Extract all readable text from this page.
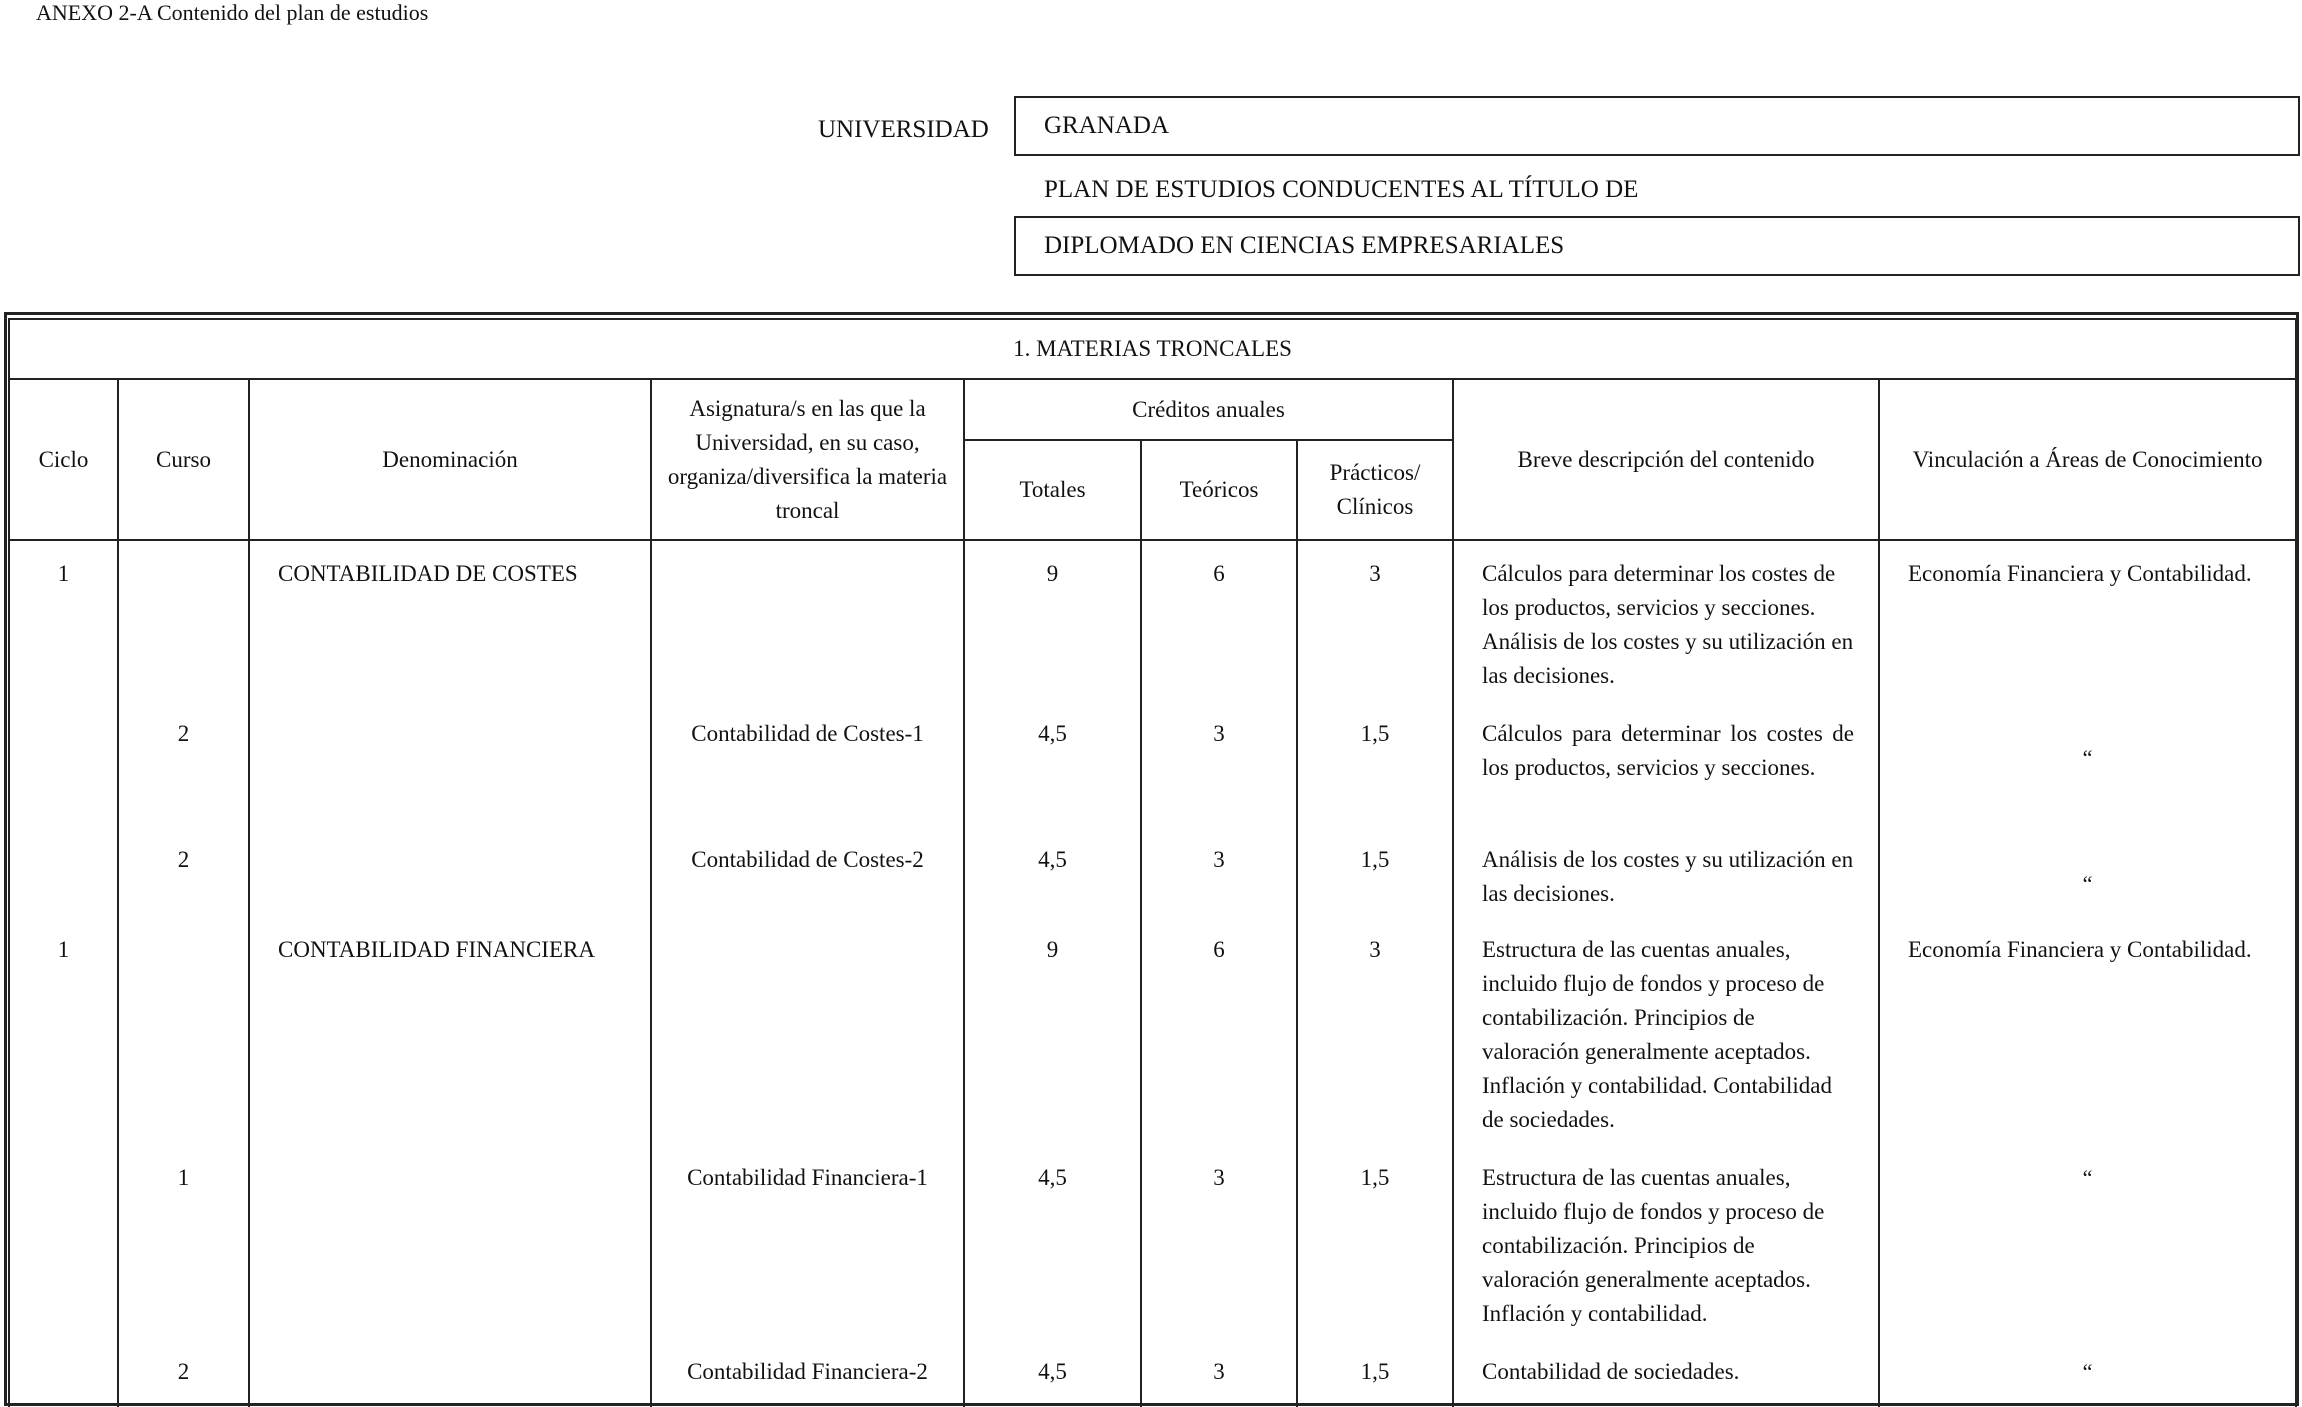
ANEXO 2-A Contenido del plan de estudios
UNIVERSIDAD GRANADA
PLAN DE ESTUDIOS CONDUCENTES AL TÍTULO DE
DIPLOMADO EN CIENCIAS EMPRESARIALES
1. MATERIAS TRONCALES								
Ciclo	Curso	Denominación	Asignatura/s en las que la Universidad, en su caso, organiza/diversifica la materia troncal	Créditos anuales			Breve descripción del contenido	Vinculación a Áreas de Conocimiento
				Totales	Teóricos	Prácticos/ Clínicos		
1		CONTABILIDAD DE COSTES		9	6	3	Cálculos para determinar los costes de los productos, servicios y secciones. Análisis de los costes y su utilización en las decisiones.	Economía Financiera y Contabilidad.
	2		Contabilidad de Costes-1	4,5	3	1,5	Cálculos para determinar los costes de los productos, servicios y secciones.	“
	2		Contabilidad de Costes-2	4,5	3	1,5	Análisis de los costes y su utilización en las decisiones.	“
1		CONTABILIDAD FINANCIERA		9	6	3	Estructura de las cuentas anuales, incluido flujo de fondos y proceso de contabilización. Principios de valoración generalmente aceptados. Inflación y contabilidad. Contabilidad de sociedades.	Economía Financiera y Contabilidad.
	1		Contabilidad Financiera-1	4,5	3	1,5	Estructura de las cuentas anuales, incluido flujo de fondos y proceso de contabilización. Principios de valoración generalmente aceptados. Inflación y contabilidad.	“
	2		Contabilidad Financiera-2	4,5	3	1,5	Contabilidad de sociedades.	“
